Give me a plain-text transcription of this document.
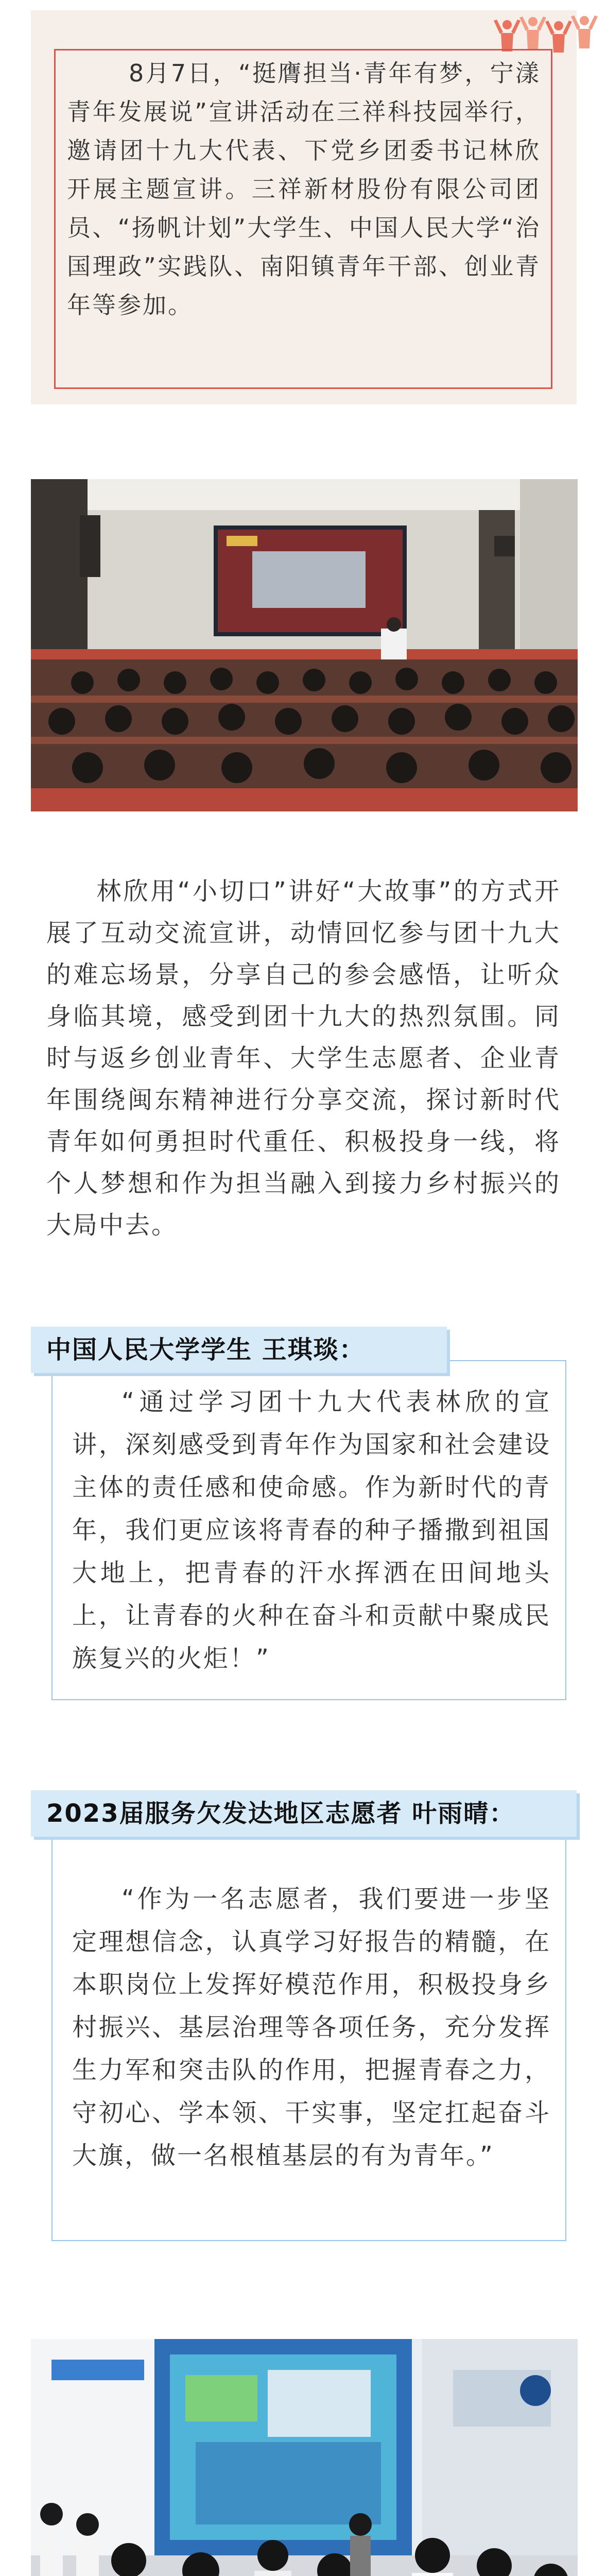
8月7日，“挺膺担当·青年有梦，宁漾青年发展说”宣讲活动在三祥科技园举行，邀请团十九大代表、下党乡团委书记林欣开展主题宣讲。三祥新材股份有限公司团员、“扬帆计划”大学生、中国人民大学“治国理政”实践队、南阳镇青年干部、创业青年等参加。

林欣用“小切口”讲好“大故事”的方式开展了互动交流宣讲，动情回忆参与团十九大的难忘场景，分享自己的参会感悟，让听众身临其境，感受到团十九大的热烈氛围。同时与返乡创业青年、大学生志愿者、企业青年围绕闽东精神进行分享交流，探讨新时代青年如何勇担时代重任、积极投身一线，将个人梦想和作为担当融入到接力乡村振兴的大局中去。

中国人民大学学生 王琪琰：

“通过学习团十九大代表林欣的宣讲，深刻感受到青年作为国家和社会建设主体的责任感和使命感。作为新时代的青年，我们更应该将青春的种子播撒到祖国大地上，把青春的汗水挥洒在田间地头上，让青春的火种在奋斗和贡献中聚成民族复兴的火炬！”

2023届服务欠发达地区志愿者 叶雨晴：

“作为一名志愿者，我们要进一步坚定理想信念，认真学习好报告的精髓，在本职岗位上发挥好模范作用，积极投身乡村振兴、基层治理等各项任务，充分发挥生力军和突击队的作用，把握青春之力，守初心、学本领、干实事，坚定扛起奋斗大旗，做一名根植基层的有为青年。”
